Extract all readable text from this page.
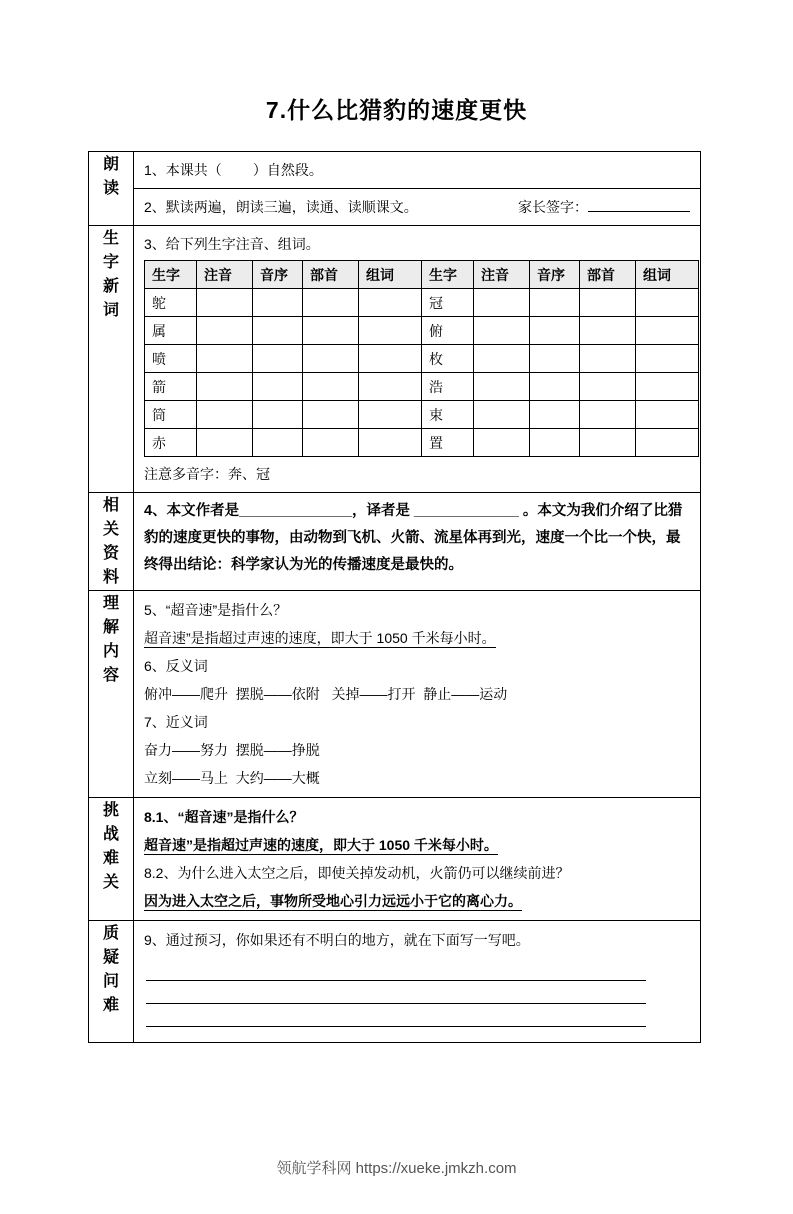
7.什么比猎豹的速度更快
朗
读

1、本课共（        ）自然段。

2、默读两遍，朗读三遍，读通、读顺课文。	家长签字：

生
字
新
词

3、给下列生字注音、组词。
生字	注音	音序	部首	组词	生字	注音	音序	部首	组词
鸵					冠				
属					俯				
喷					枚				
箭					浩				
筒					束				
赤					置				
注意多音字：奔、冠

相
关
资
料
	4、本文作者是______________，译者是 _____________ 。本文为我们介绍了比猎豹的速度更快的事物，由动物到飞机、火箭、流星体再到光，速度一个比一个快，最终得出结论：科学家认为光的传播速度是最快的。

理
解
内
容

5、“超音速”是指什么？
超音速”是指超过声速的速度，即大于 1050 千米每小时。
6、反义词
俯冲——爬升  摆脱——依附   关掉——打开  静止——运动
7、近义词
奋力——努力  摆脱——挣脱
立刻——马上  大约——大概

挑
战
难
关

8.1、“超音速”是指什么？
超音速”是指超过声速的速度，即大于 1050 千米每小时。
8.2、为什么进入太空之后，即使关掉发动机，火箭仍可以继续前进？
因为进入太空之后，事物所受地心引力远远小于它的离心力。

质
疑
问
难

9、通过预习，你如果还有不明白的地方，就在下面写一写吧。
领航学科网 https://xueke.jmkzh.com
